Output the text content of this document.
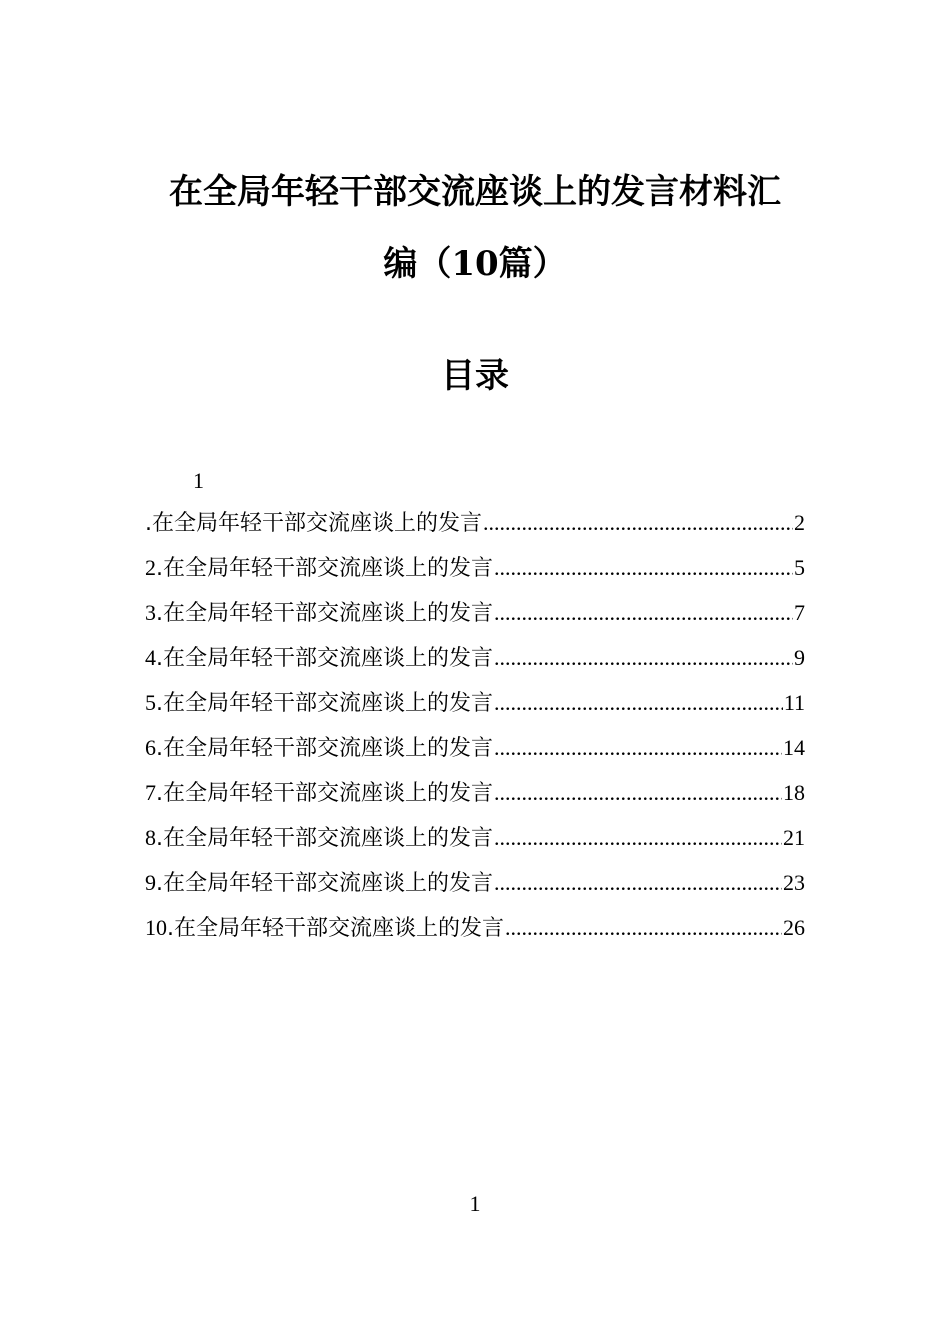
在全局年轻干部交流座谈上的发言材料汇
编（10篇）
目录
1
.在全局年轻干部交流座谈上的发言 .....	2
2.在全局年轻干部交流座谈上的发言 .....	5
3.在全局年轻干部交流座谈上的发言 .....	7
4.在全局年轻干部交流座谈上的发言 .....	9
5.在全局年轻干部交流座谈上的发言 .....	11
6.在全局年轻干部交流座谈上的发言 .....	14
7.在全局年轻干部交流座谈上的发言 .....	18
8.在全局年轻干部交流座谈上的发言 .....	21
9.在全局年轻干部交流座谈上的发言 .....	23
10.在全局年轻干部交流座谈上的发言 .....	26
1
